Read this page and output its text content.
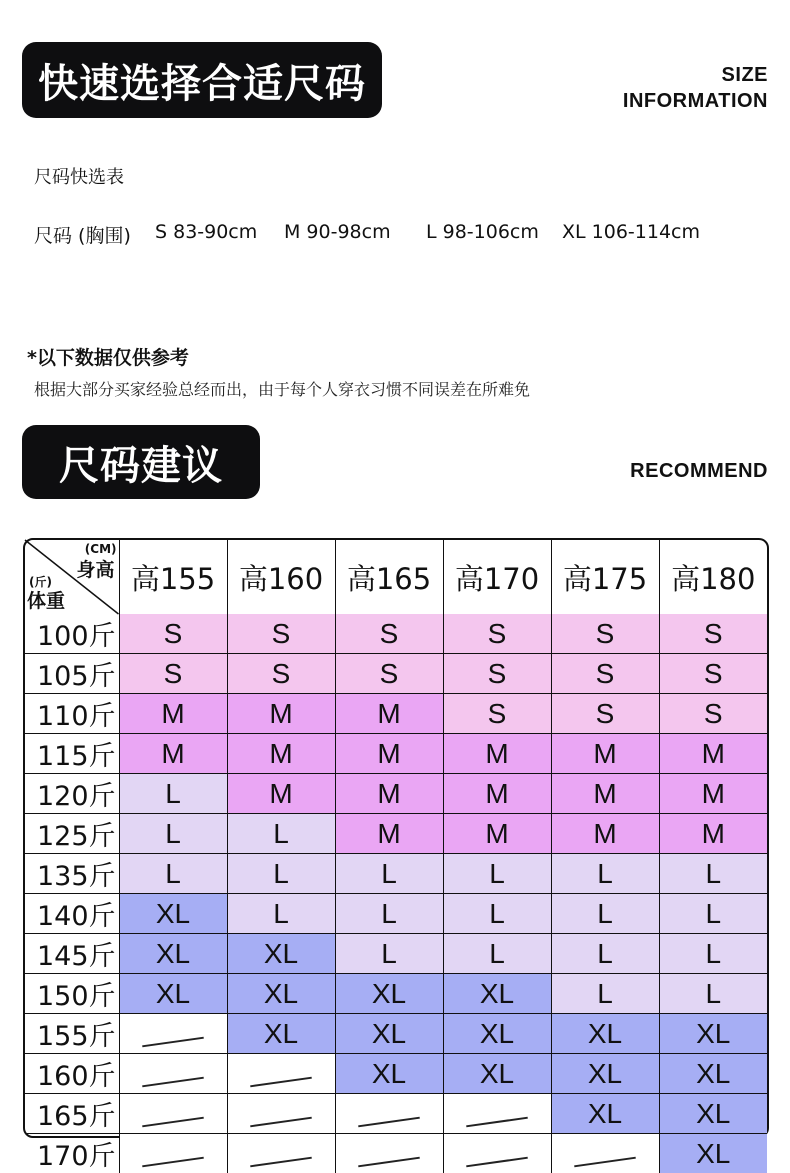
快速选择合适尺码	SIZE
INFORMATION
尺码快选表
尺码 (胸围) S 83-90cm M 90-98cm L 98-106cm XL 106-114cm
*以下数据仅供参考
根据大部分买家经验总经而出，由于每个人穿衣习惯不同误差在所难免
尺码建议	RECOMMEND
(CM)
身高
(斤)
体重	高155	高160	高165	高170	高175	高180
100斤	S	S	S	S	S	S
105斤	S	S	S	S	S	S
110斤	M	M	M	S	S	S
115斤	M	M	M	M	M	M
120斤	L	M	M	M	M	M
125斤	L	L	M	M	M	M
135斤	L	L	L	L	L	L
140斤	XL	L	L	L	L	L
145斤	XL	XL	L	L	L	L
150斤	XL	XL	XL	XL	L	L
155斤		XL	XL	XL	XL	XL
160斤			XL	XL	XL	XL
165斤					XL	XL
170斤						XL
